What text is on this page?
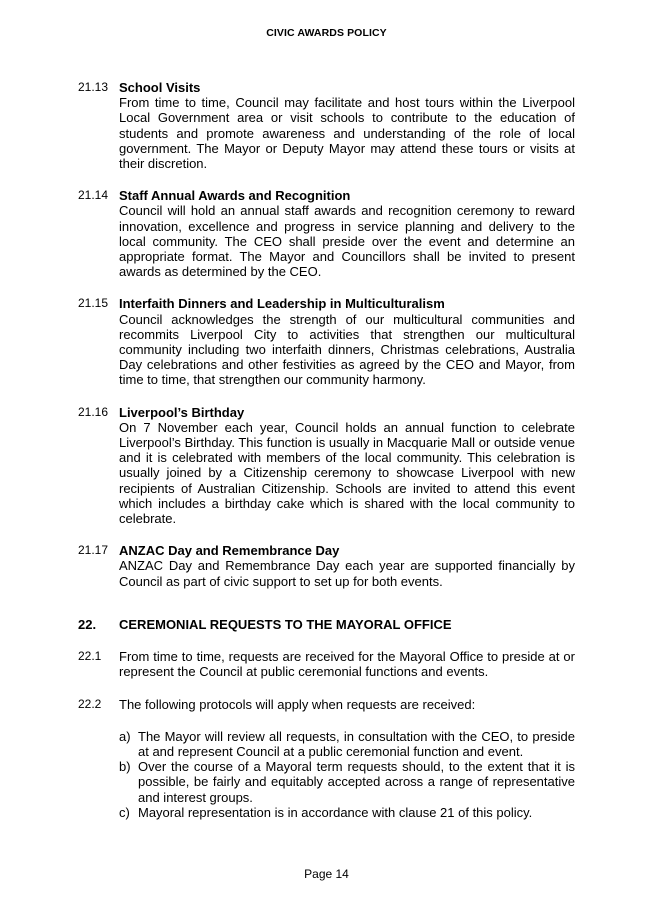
CIVIC AWARDS POLICY
21.13 School Visits
From time to time, Council may facilitate and host tours within the Liverpool Local Government area or visit schools to contribute to the education of students and promote awareness and understanding of the role of local government. The Mayor or Deputy Mayor may attend these tours or visits at their discretion.
21.14 Staff Annual Awards and Recognition
Council will hold an annual staff awards and recognition ceremony to reward innovation, excellence and progress in service planning and delivery to the local community. The CEO shall preside over the event and determine an appropriate format. The Mayor and Councillors shall be invited to present awards as determined by the CEO.
21.15 Interfaith Dinners and Leadership in Multiculturalism
Council acknowledges the strength of our multicultural communities and recommits Liverpool City to activities that strengthen our multicultural community including two interfaith dinners, Christmas celebrations, Australia Day celebrations and other festivities as agreed by the CEO and Mayor, from time to time, that strengthen our community harmony.
21.16 Liverpool’s Birthday
On 7 November each year, Council holds an annual function to celebrate Liverpool’s Birthday. This function is usually in Macquarie Mall or outside venue and it is celebrated with members of the local community. This celebration is usually joined by a Citizenship ceremony to showcase Liverpool with new recipients of Australian Citizenship. Schools are invited to attend this event which includes a birthday cake which is shared with the local community to celebrate.
21.17 ANZAC Day and Remembrance Day
ANZAC Day and Remembrance Day each year are supported financially by Council as part of civic support to set up for both events.
22.	CEREMONIAL REQUESTS TO THE MAYORAL OFFICE
22.1	From time to time, requests are received for the Mayoral Office to preside at or represent the Council at public ceremonial functions and events.
22.2	The following protocols will apply when requests are received:
a) The Mayor will review all requests, in consultation with the CEO, to preside at and represent Council at a public ceremonial function and event.
b) Over the course of a Mayoral term requests should, to the extent that it is possible, be fairly and equitably accepted across a range of representative and interest groups.
c) Mayoral representation is in accordance with clause 21 of this policy.
Page 14
